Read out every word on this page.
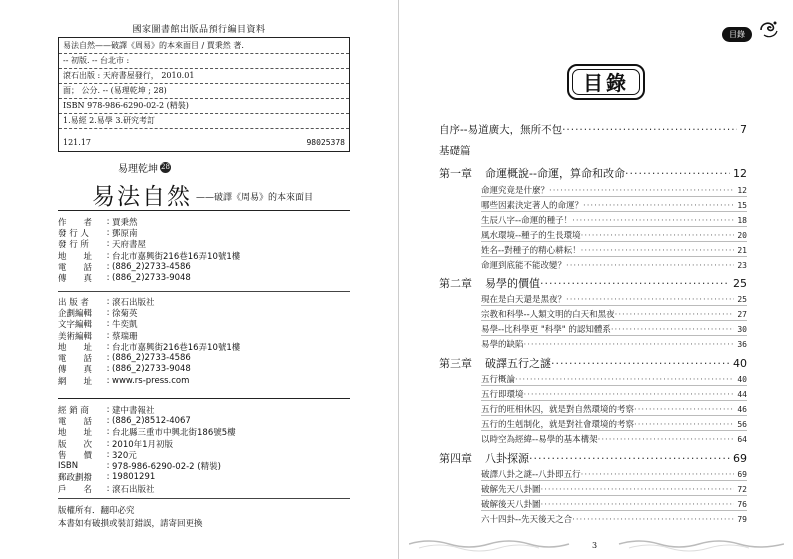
國家圖書館出版品預行編目資料
易法自然——破譯《周易》的本來面目 / 賈秉然 著.
-- 初版. -- 台北市 :
滾石出版 : 天府書屋發行， 2010.01
面； 公分. -- (易理乾坤 ; 28)
ISBN 978-986-6290-02-2 (精裝)
1.易經 2.易學 3.研究考訂
121.17	98025378
易理乾坤 28
易法自然 ——破譯《周易》的本來面目
作　　者	: 賈秉然
發 行 人	: 鄧原南
發 行 所	: 天府書屋
地　　址	: 台北市嘉興街216巷16弄10號1樓
電　　話	: (886_2)2733-4586
傳　　真	: (886_2)2733-9048
出 版 者	: 滾石出版社
企劃編輯	: 徐菊英
文字編輯	: 牛奕凱
美術編輯	: 蔡瑞珊
地　　址	: 台北市嘉興街216巷16弄10號1樓
電　　話	: (886_2)2733-4586
傳　　真	: (886_2)2733-9048
網　　址	: www.rs-press.com
經 銷 商	: 建中書報社
電　　話	: (886_2)8512-4067
地　　址	: 台北縣三重市中興北街186號5樓
版　　次	: 2010年1月初版
售　　價	: 320元
ISBN	: 978-986-6290-02-2 (精裝)
郵政劃撥	: 19801291
戶　　名	: 滾石出版社
版權所有．翻印必究
本書如有破損或裝訂錯誤，請寄回更換
目錄
目錄
自序--易道廣大，無所不包 ·····	7
基礎篇
第一章	命運概說--命運，算命和改命 ·····	12
命運究竟是什麼？ ·····	12
哪些因素決定著人的命運？ ·····	15
生辰八字--命運的種子！ ·····	18
風水環境--種子的生長環境 ·····	20
姓名--對種子的精心耕耘！ ·····	21
命運到底能不能改變？ ·····	23
第二章	易學的價值 ·····	25
現在是白天還是黑夜？ ·····	25
宗教和科學--人類文明的白天和黑夜 ·····	27
易學--比科學更 "科學" 的認知體系 ·····	30
易學的缺陷 ·····	36
第三章	破譯五行之謎 ·····	40
五行概論 ·····	40
五行即環境 ·····	44
五行的旺相休囚，就是對自然環境的考察 ·····	46
五行的生剋制化，就是對社會環境的考察 ·····	56
以時空為經緯--易學的基本構架 ·····	64
第四章	八卦探源 ·····	69
破譯八卦之謎--八卦即五行 ·····	69
破解先天八卦圖 ·····	72
破解後天八卦圖 ·····	76
六十四卦--先天後天之合 ·····	79
3
